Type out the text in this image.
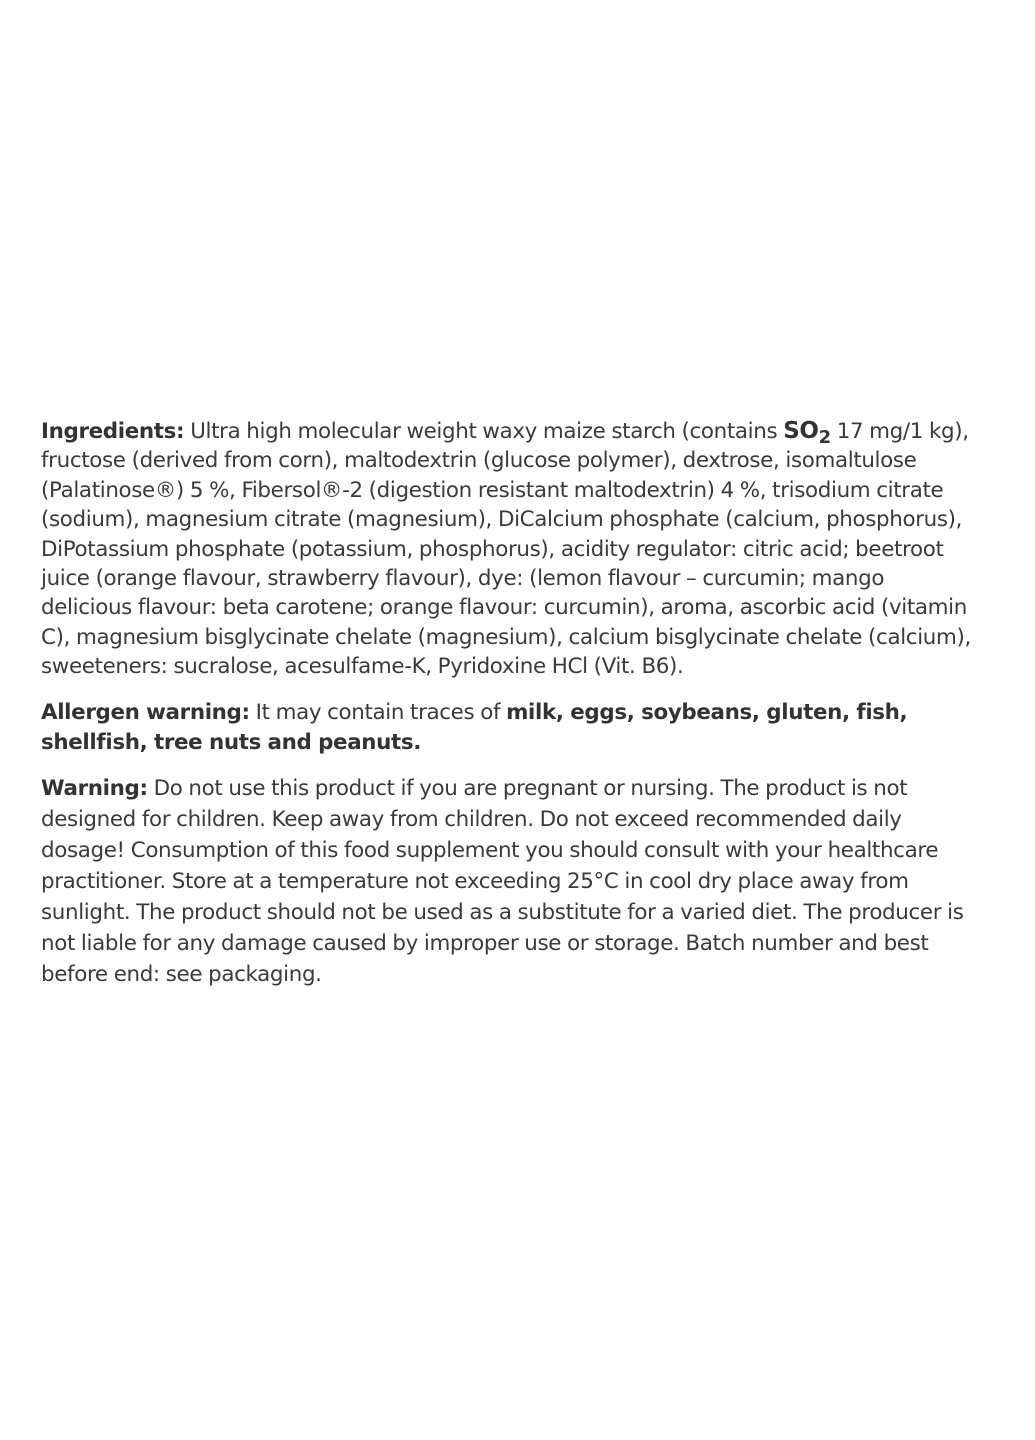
Ingredients: Ultra high molecular weight waxy maize starch (contains $SO_2$ 17 mg/1 kg), fructose (derived from corn), maltodextrin (glucose polymer), dextrose, isomaltulose (Palatinose®) 5 %, Fibersol®-2 (digestion resistant maltodextrin) 4 %, trisodium citrate (sodium), magnesium citrate (magnesium), DiCalcium phosphate (calcium, phosphorus), DiPotassium phosphate (potassium, phosphorus), acidity regulator: citric acid; beetroot juice (orange flavour, strawberry flavour), dye: (lemon flavour – curcumin; mango delicious flavour: beta carotene; orange flavour: curcumin), aroma, ascorbic acid (vitamin C), magnesium bisglycinate chelate (magnesium), calcium bisglycinate chelate (calcium), sweeteners: sucralose, acesulfame-K, Pyridoxine HCl (Vit. B6).

Allergen warning: It may contain traces of milk, eggs, soybeans, gluten, fish, shellfish, tree nuts and peanuts.

Warning: Do not use this product if you are pregnant or nursing. The product is not designed for children. Keep away from children. Do not exceed recommended daily dosage! Consumption of this food supplement you should consult with your healthcare practitioner. Store at a temperature not exceeding 25°C in cool dry place away from sunlight. The product should not be used as a substitute for a varied diet. The producer is not liable for any damage caused by improper use or storage. Batch number and best before end: see packaging.
